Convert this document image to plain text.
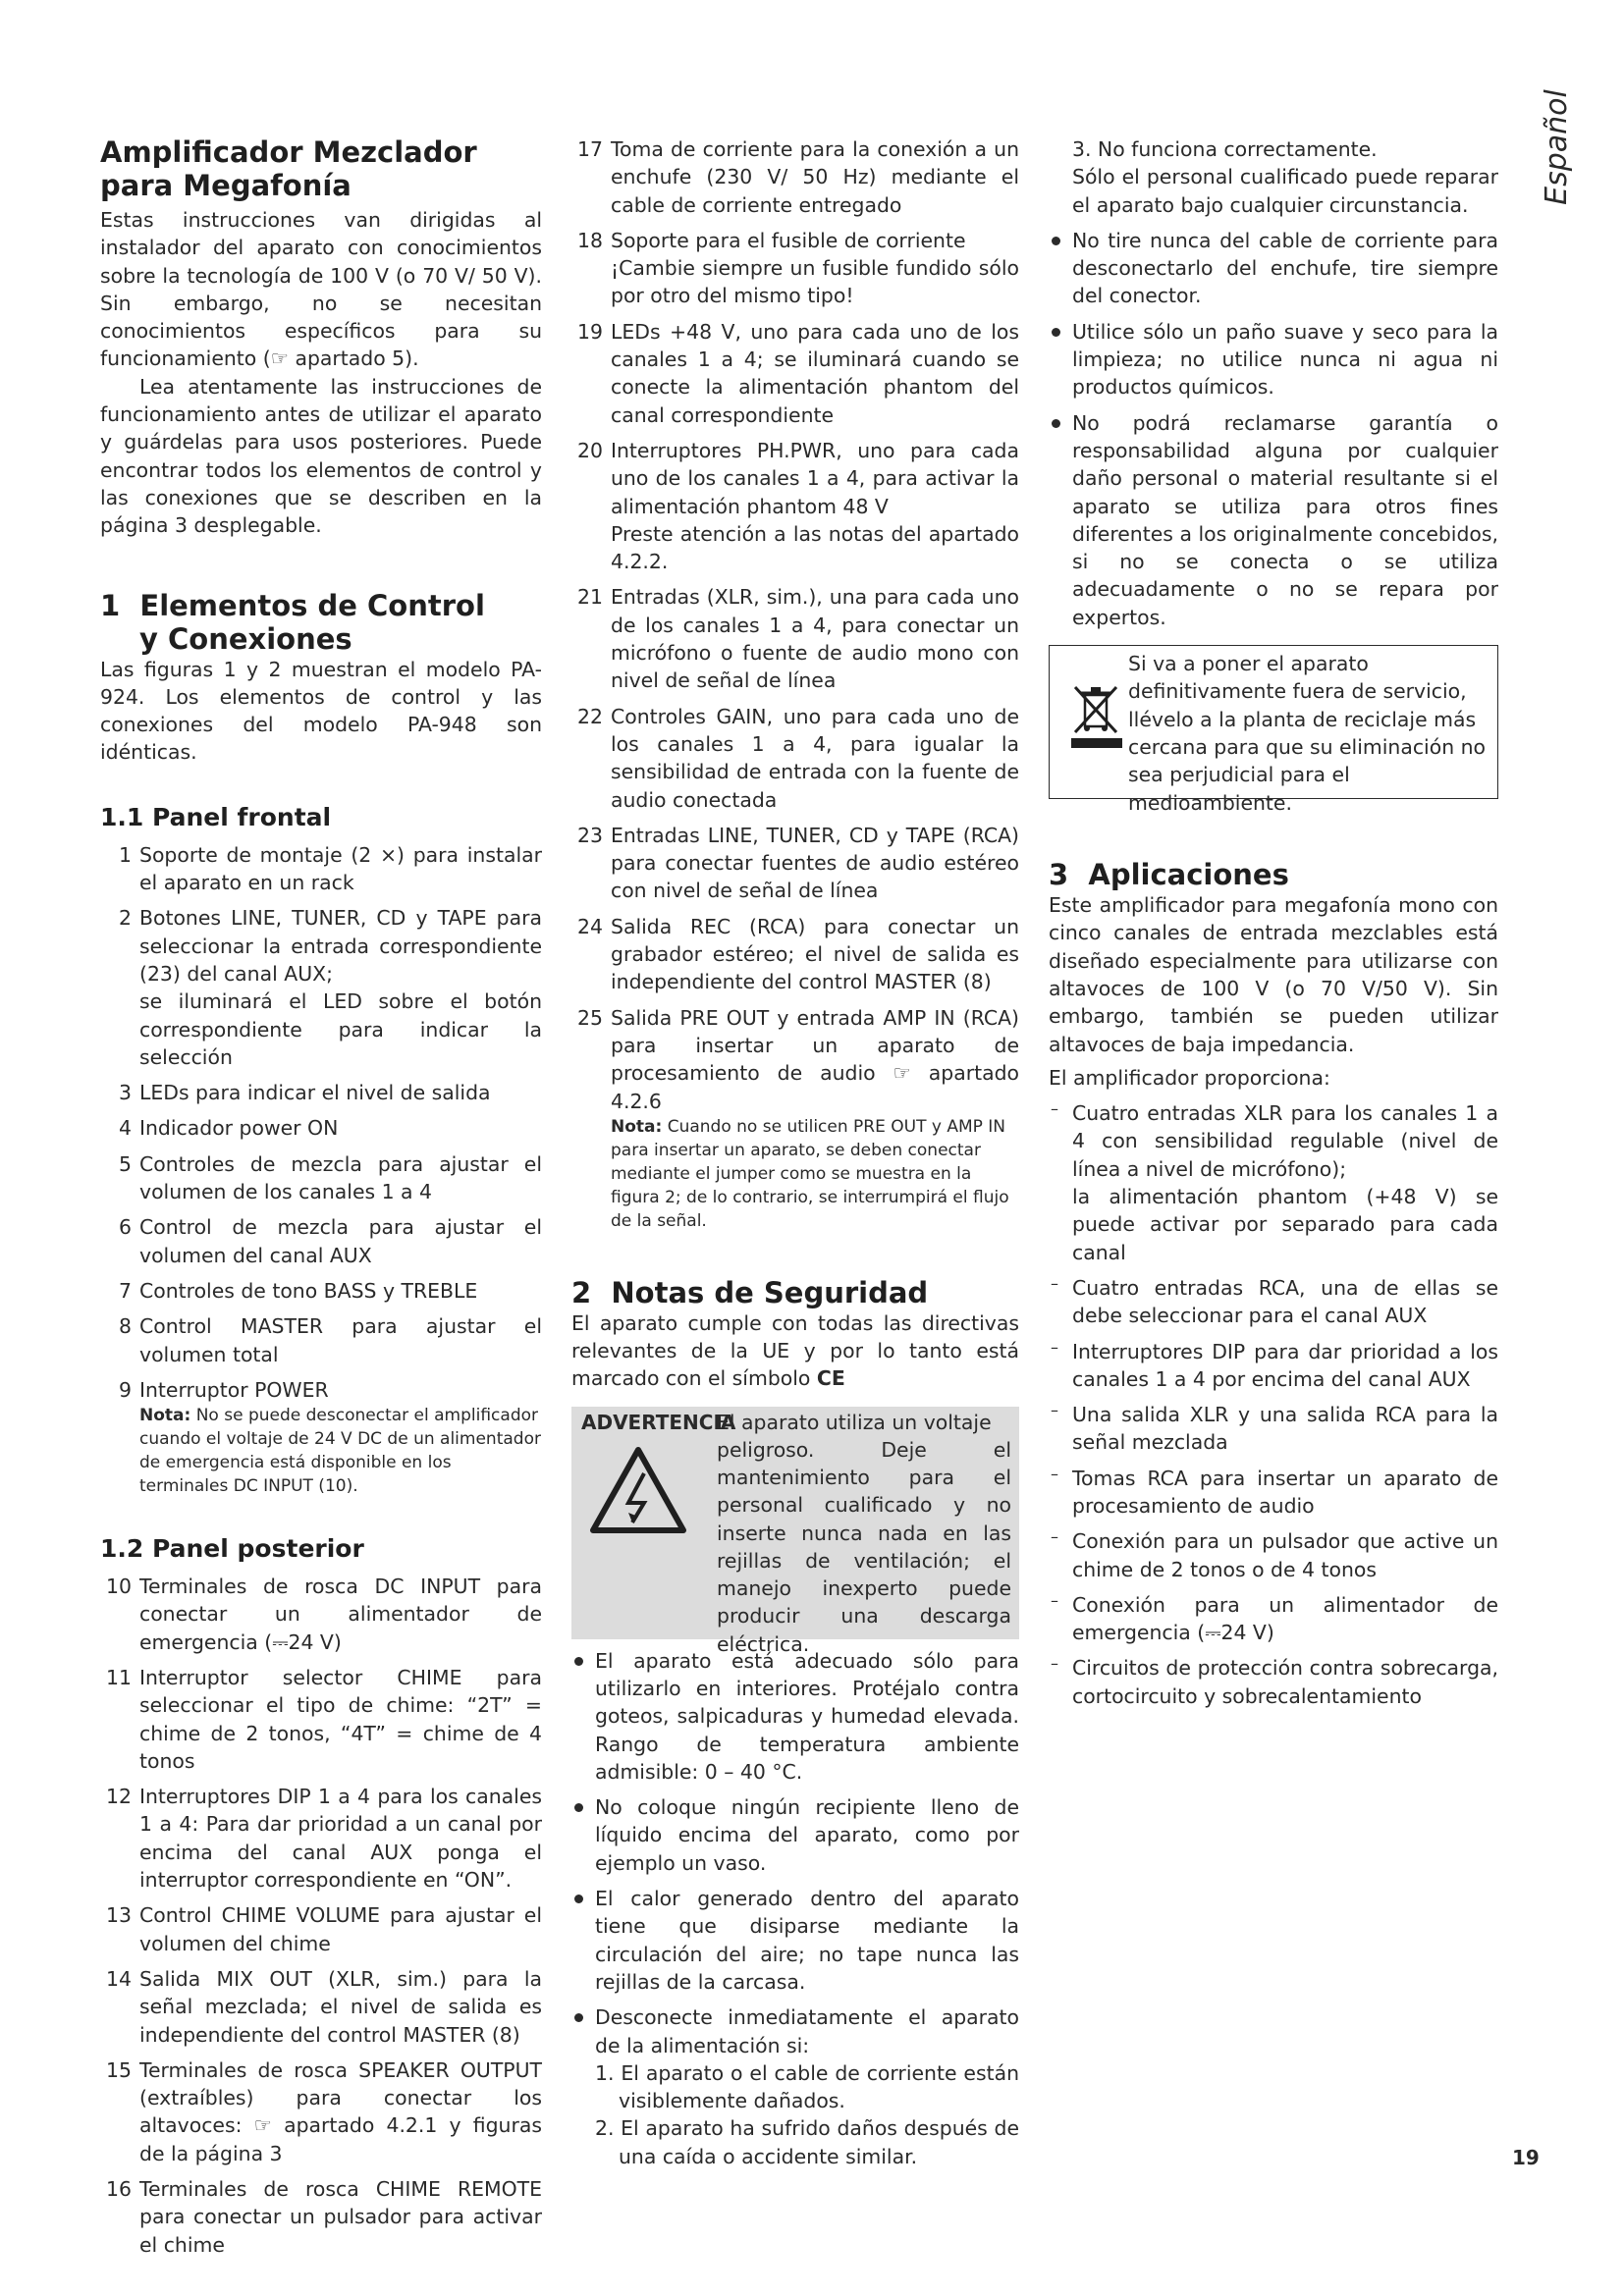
Amplificador Mezclador
para Megafonía

Estas instrucciones van dirigidas al instalador del aparato con conocimientos sobre la tecnología de 100 V (o 70 V/ 50 V). Sin embargo, no se necesitan conocimientos específicos para su funcionamiento (☞ apartado 5).

Lea atentamente las instrucciones de funcionamiento antes de utilizar el aparato y guárdelas para usos posteriores. Puede encontrar todos los elementos de control y las conexiones que se describen en la página 3 desplegable.

1 Elementos de Control
y Conexiones

Las figuras 1 y 2 muestran el modelo PA-924. Los elementos de control y las conexiones del modelo PA-948 son idénticas.

1.1 Panel frontal

1 Soporte de montaje (2 ×) para instalar el aparato en un rack

2 Botones LINE, TUNER, CD y TAPE para seleccionar la entrada correspondiente (23) del canal AUX;

se iluminará el LED sobre el botón correspondiente para indicar la selección

3 LEDs para indicar el nivel de salida

4 Indicador power ON

5 Controles de mezcla para ajustar el volumen de los canales 1 a 4

6 Control de mezcla para ajustar el volumen del canal AUX

7 Controles de tono BASS y TREBLE

8 Control MASTER para ajustar el volumen total

9 Interruptor POWER

Nota: No se puede desconectar el amplificador cuando el voltaje de 24 V DC de un alimentador de emergencia está disponible en los terminales DC INPUT (10).

1.2 Panel posterior

10 Terminales de rosca DC INPUT para conectar un alimentador de emergencia (⎓24 V)

11 Interruptor selector CHIME para seleccionar el tipo de chime: “2T” = chime de 2 tonos, “4T” = chime de 4 tonos

12 Interruptores DIP 1 a 4 para los canales 1 a 4: Para dar prioridad a un canal por encima del canal AUX ponga el interruptor correspondiente en “ON”.

13 Control CHIME VOLUME para ajustar el volumen del chime

14 Salida MIX OUT (XLR, sim.) para la señal mezclada; el nivel de salida es independiente del control MASTER (8)

15 Terminales de rosca SPEAKER OUTPUT (extraíbles) para conectar los altavoces: ☞ apartado 4.2.1 y figuras de la página 3

16 Terminales de rosca CHIME REMOTE para conectar un pulsador para activar el chime

17 Toma de corriente para la conexión a un enchufe (230 V/ 50 Hz) mediante el cable de corriente entregado

18 Soporte para el fusible de corriente

¡Cambie siempre un fusible fundido sólo por otro del mismo tipo!

19 LEDs +48 V, uno para cada uno de los canales 1 a 4; se iluminará cuando se conecte la alimentación phantom del canal correspondiente

20 Interruptores PH.PWR, uno para cada uno de los canales 1 a 4, para activar la alimentación phantom 48 V

Preste atención a las notas del apartado 4.2.2.

21 Entradas (XLR, sim.), una para cada uno de los canales 1 a 4, para conectar un micrófono o fuente de audio mono con nivel de señal de línea

22 Controles GAIN, uno para cada uno de los canales 1 a 4, para igualar la sensibilidad de entrada con la fuente de audio conectada

23 Entradas LINE, TUNER, CD y TAPE (RCA) para conectar fuentes de audio estéreo con nivel de señal de línea

24 Salida REC (RCA) para conectar un grabador estéreo; el nivel de salida es independiente del control MASTER (8)

25 Salida PRE OUT y entrada AMP IN (RCA) para insertar un aparato de procesamiento de audio ☞ apartado 4.2.6

Nota: Cuando no se utilicen PRE OUT y AMP IN para insertar un aparato, se deben conectar mediante el jumper como se muestra en la figura 2; de lo contrario, se interrumpirá el flujo de la señal.

2 Notas de Seguridad

El aparato cumple con todas las directivas relevantes de la UE y por lo tanto está marcado con el símbolo CE

ADVERTENCIA

El aparato utiliza un voltaje

peligroso. Deje el mantenimiento para el personal cualificado y no inserte nunca nada en las rejillas de ventilación; el manejo inexperto puede producir una descarga eléctrica.

El aparato está adecuado sólo para utilizarlo en interiores. Protéjalo contra goteos, salpicaduras y humedad elevada. Rango de temperatura ambiente admisible: 0 – 40 °C.

No coloque ningún recipiente lleno de líquido encima del aparato, como por ejemplo un vaso.

El calor generado dentro del aparato tiene que disiparse mediante la circulación del aire; no tape nunca las rejillas de la carcasa.

Desconecte inmediatamente el aparato de la alimentación si:

1. El aparato o el cable de corriente están visiblemente dañados.

2. El aparato ha sufrido daños después de una caída o accidente similar.

3. No funciona correctamente.

Sólo el personal cualificado puede reparar el aparato bajo cualquier circunstancia.

No tire nunca del cable de corriente para desconectarlo del enchufe, tire siempre del conector.

Utilice sólo un paño suave y seco para la limpieza; no utilice nunca ni agua ni productos químicos.

No podrá reclamarse garantía o responsabilidad alguna por cualquier daño personal o material resultante si el aparato se utiliza para otros fines diferentes a los originalmente concebidos, si no se conecta o se utiliza adecuadamente o no se repara por expertos.

Si va a poner el aparato definitivamente fuera de servicio, llévelo a la planta de reciclaje más cercana para que su eliminación no sea perjudicial para el medioambiente.

3 Aplicaciones

Este amplificador para megafonía mono con cinco canales de entrada mezclables está diseñado especialmente para utilizarse con altavoces de 100 V (o 70 V/50 V). Sin embargo, también se pueden utilizar altavoces de baja impedancia.

El amplificador proporciona:

– Cuatro entradas XLR para los canales 1 a 4 con sensibilidad regulable (nivel de línea a nivel de micrófono);

la alimentación phantom (+48 V) se puede activar por separado para cada canal

– Cuatro entradas RCA, una de ellas se debe seleccionar para el canal AUX

– Interruptores DIP para dar prioridad a los canales 1 a 4 por encima del canal AUX

– Una salida XLR y una salida RCA para la señal mezclada

– Tomas RCA para insertar un aparato de procesamiento de audio

– Conexión para un pulsador que active un chime de 2 tonos o de 4 tonos

– Conexión para un alimentador de emergencia (⎓24 V)

– Circuitos de protección contra sobrecarga, cortocircuito y sobrecalentamiento

Español
19
